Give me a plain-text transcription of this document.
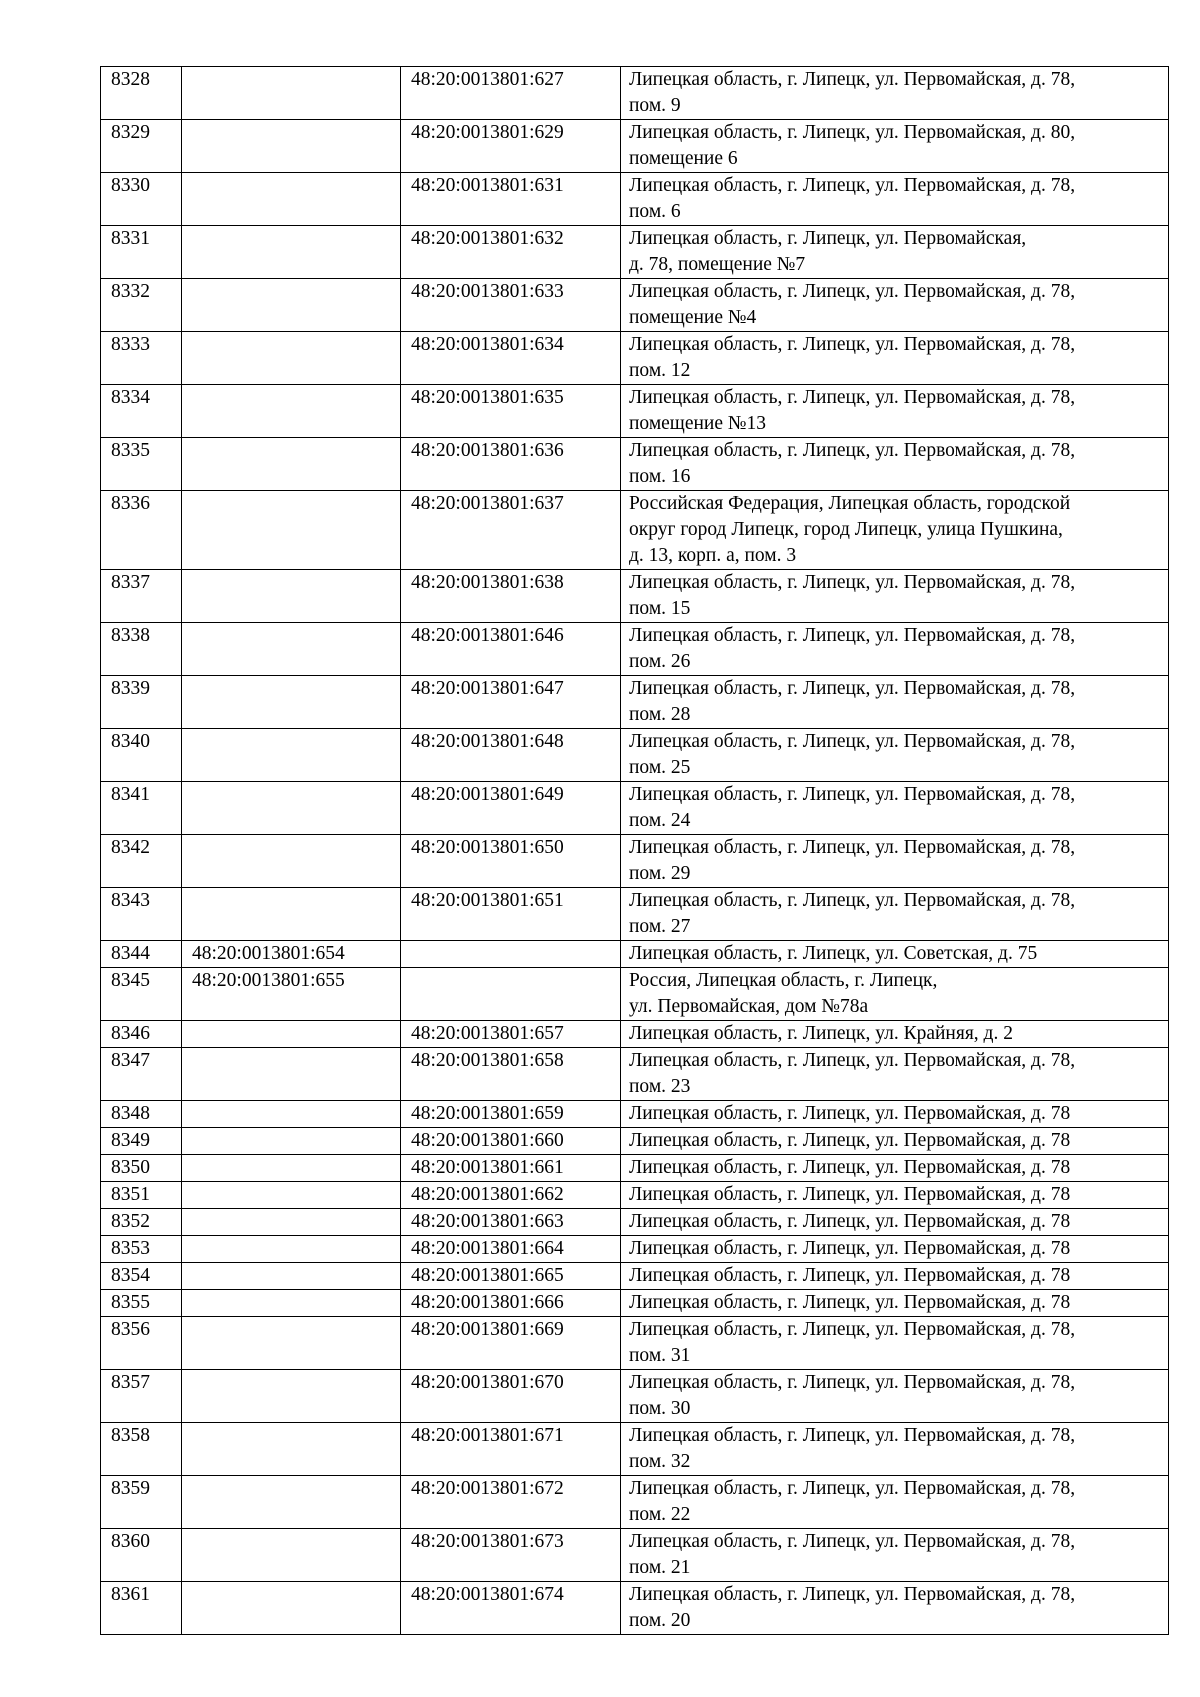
8328		48:20:0013801:627	Липецкая область, г. Липецк, ул. Первомайская, д. 78,
пом. 9
8329		48:20:0013801:629	Липецкая область, г. Липецк, ул. Первомайская, д. 80,
помещение 6
8330		48:20:0013801:631	Липецкая область, г. Липецк, ул. Первомайская, д. 78,
пом. 6
8331		48:20:0013801:632	Липецкая область, г. Липецк, ул. Первомайская,
д. 78, помещение №7
8332		48:20:0013801:633	Липецкая область, г. Липецк, ул. Первомайская, д. 78,
помещение №4
8333		48:20:0013801:634	Липецкая область, г. Липецк, ул. Первомайская, д. 78,
пом. 12
8334		48:20:0013801:635	Липецкая область, г. Липецк, ул. Первомайская, д. 78,
помещение №13
8335		48:20:0013801:636	Липецкая область, г. Липецк, ул. Первомайская, д. 78,
пом. 16
8336		48:20:0013801:637	Российская Федерация, Липецкая область, городской
округ город Липецк, город Липецк, улица Пушкина,
д. 13, корп. а, пом. 3
8337		48:20:0013801:638	Липецкая область, г. Липецк, ул. Первомайская, д. 78,
пом. 15
8338		48:20:0013801:646	Липецкая область, г. Липецк, ул. Первомайская, д. 78,
пом. 26
8339		48:20:0013801:647	Липецкая область, г. Липецк, ул. Первомайская, д. 78,
пом. 28
8340		48:20:0013801:648	Липецкая область, г. Липецк, ул. Первомайская, д. 78,
пом. 25
8341		48:20:0013801:649	Липецкая область, г. Липецк, ул. Первомайская, д. 78,
пом. 24
8342		48:20:0013801:650	Липецкая область, г. Липецк, ул. Первомайская, д. 78,
пом. 29
8343		48:20:0013801:651	Липецкая область, г. Липецк, ул. Первомайская, д. 78,
пом. 27
8344	48:20:0013801:654		Липецкая область, г. Липецк, ул. Советская, д. 75
8345	48:20:0013801:655		Россия, Липецкая область, г. Липецк,
ул. Первомайская, дом №78а
8346		48:20:0013801:657	Липецкая область, г. Липецк, ул. Крайняя, д. 2
8347		48:20:0013801:658	Липецкая область, г. Липецк, ул. Первомайская, д. 78,
пом. 23
8348		48:20:0013801:659	Липецкая область, г. Липецк, ул. Первомайская, д. 78
8349		48:20:0013801:660	Липецкая область, г. Липецк, ул. Первомайская, д. 78
8350		48:20:0013801:661	Липецкая область, г. Липецк, ул. Первомайская, д. 78
8351		48:20:0013801:662	Липецкая область, г. Липецк, ул. Первомайская, д. 78
8352		48:20:0013801:663	Липецкая область, г. Липецк, ул. Первомайская, д. 78
8353		48:20:0013801:664	Липецкая область, г. Липецк, ул. Первомайская, д. 78
8354		48:20:0013801:665	Липецкая область, г. Липецк, ул. Первомайская, д. 78
8355		48:20:0013801:666	Липецкая область, г. Липецк, ул. Первомайская, д. 78
8356		48:20:0013801:669	Липецкая область, г. Липецк, ул. Первомайская, д. 78,
пом. 31
8357		48:20:0013801:670	Липецкая область, г. Липецк, ул. Первомайская, д. 78,
пом. 30
8358		48:20:0013801:671	Липецкая область, г. Липецк, ул. Первомайская, д. 78,
пом. 32
8359		48:20:0013801:672	Липецкая область, г. Липецк, ул. Первомайская, д. 78,
пом. 22
8360		48:20:0013801:673	Липецкая область, г. Липецк, ул. Первомайская, д. 78,
пом. 21
8361		48:20:0013801:674	Липецкая область, г. Липецк, ул. Первомайская, д. 78,
пом. 20
